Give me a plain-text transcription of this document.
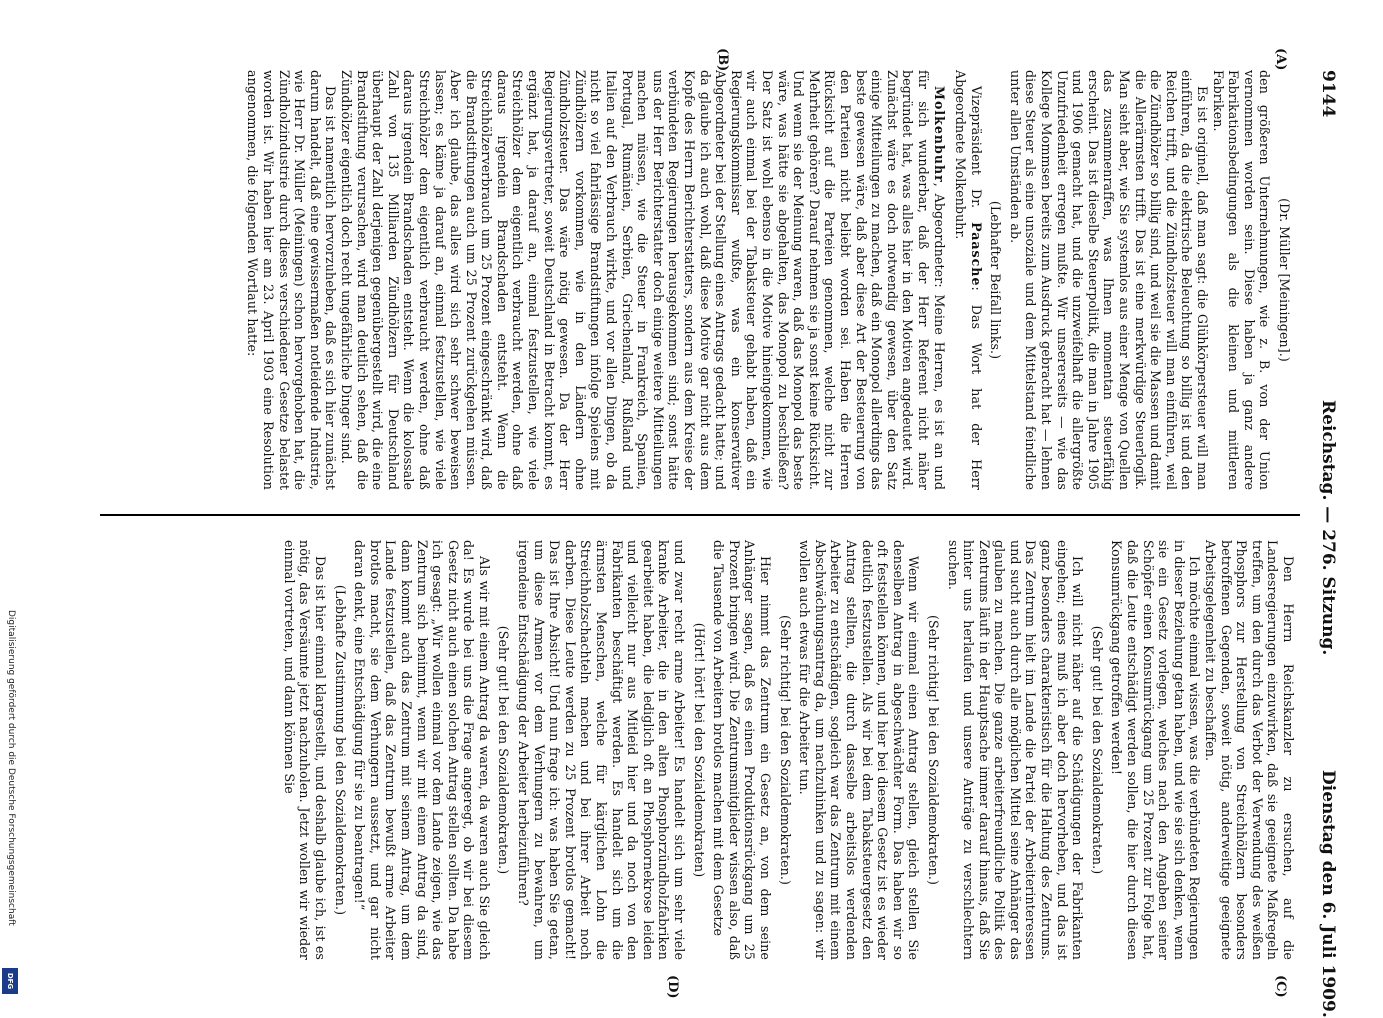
Digitalisierung gefördert durch die Deutsche Forschungsgemeinschaft
DFG
9144
Reichstag. — 276. Sitzung.
Dienstag den 6. Juli 1909.
(A)
(B)
(C)
(D)

(Dr. Müller [Meiningen].)

den größeren Unternehmungen, wie z. B. von der Union vernommen worden sein. Diese haben ja ganz andere Fabrikationsbedingungen als die kleinen und mittleren Fabriken.

Es ist originell, daß man sagt: die Glühkörpersteuer will man einführen, da die elektrische Beleuchtung so billig ist und den Reichen trifft, und die Zündholzsteuer will man einführen, weil die Zündhölzer so billig sind, und weil sie die Massen und damit die Allerärmsten trifft. Das ist eine merkwürdige Steuerlogik. Man sieht aber, wie Sie systemlos aus einer Menge von Quellen das zusammenraffen, was Ihnen momentan steuerfähig erscheint. Das ist dieselbe Steuerpolitik, die man in Jahre 1905 und 1906 gemacht hat, und die unzweifelhaft die allergrößte Unzufriedenheit erregen mußte. Wir unsererseits — wie das Kollege Mommsen bereits zum Ausdruck gebracht hat — lehnen diese Steuer als eine unsoziale und dem Mittelstand feindliche unter allen Umständen ab.

(Lebhafter Beifall links.)

Vizepräsident Dr. Paasche: Das Wort hat der Herr Abgeordnete Molkenbuhr.

Molkenbuhr, Abgeordneter: Meine Herren, es ist an und für sich wunderbar, daß der Herr Referent nicht näher begründet hat, was alles hier in den Motiven angedeutet wird. Zunächst wäre es doch notwendig gewesen, über den Satz einige Mitteilungen zu machen, daß ein Monopol allerdings das beste gewesen wäre, daß aber diese Art der Besteuerung von den Parteien nicht beliebt worden sei. Haben die Herren Rücksicht auf die Parteien genommen, welche nicht zur Mehrheit gehören? Darauf nehmen sie ja sonst keine Rücksicht. Und wenn sie der Meinung waren, daß das Monopol das beste wäre, was hätte sie abgehalten, das Monopol zu beschließen? Der Satz ist wohl ebenso in die Motive hineingekommen, wie wir auch einmal bei der Tabaksteuer gehabt haben, daß ein Regierungskommissar wußte, was ein konservativer Abgeordneter bei der Stellung eines Antrags gedacht hatte; und da glaube ich auch wohl, daß diese Motive gar nicht aus dem Kopfe des Herrn Berichterstatters, sondern aus dem Kreise der verbündeten Regierungen herausgekommen sind; sonst hätte uns der Herr Berichterstatter doch einige weitere Mitteilungen machen müssen, wie die Steuer in Frankreich, Spanien, Portugal, Rumänien, Serbien, Griechenland, Rußland und Italien auf den Verbrauch wirkte, und vor allen Dingen, ob da nicht so viel fahrlässige Brandstiftungen infolge Spielens mit Zündhölzern vorkommen, wie in den Ländern ohne Zündholzsteuer. Das wäre nötig gewesen. Da der Herr Regierungsvertreter, soweit Deutschland in Betracht kommt, es ergänzt hat, ja darauf an, einmal festzustellen, wie viele Streichhölzer dem eigentlich verbraucht werden, ohne daß daraus irgendein Brandschaden entsteht. Wenn die Streichhölzerverbrauch um 25 Prozent eingeschränkt wird, daß die Brandstiftungen auch um 25 Prozent zurückgehen müssen. Aber ich glaube, das alles wird sich sehr schwer beweisen lassen; es käme ja darauf an, einmal festzustellen, wie viele Streichhölzer dem eigentlich verbraucht werden, ohne daß daraus irgendein Brandschaden entsteht. Wenn die kolossale Zahl von 135 Milliarden Zündhölzern für Deutschland überhaupt der Zahl derjenigen gegenübergestellt wird, die eine Brandstiftung verursachen, wird man deutlich sehen, daß die Zündhölzer eigentlich doch recht ungefährliche Dinger sind.

Das ist namentlich hervorzuheben, daß es sich hier zunächst darum handelt, daß eine gewissermaßen notleidende Industrie, wie Herr Dr. Müller (Meiningen) schon hervorgehoben hat, die Zündholzindustrie durch dieses verschiedener Gesetze belastet worden ist. Wir haben hier am 23. April 1903 eine Resolution angenommen, die folgenden Wortlaut hatte:

Den Herrn Reichskanzler zu ersuchen, auf die Landesregierungen einzuwirken, daß sie geeignete Maßregeln treffen, um den durch das Verbot der Verwendung des weißen Phosphors zur Herstellung von Streichhölzern besonders betroffenen Gegenden, soweit nötig, anderweitige geeignete Arbeitsgelegenheit zu beschaffen.

Ich möchte einmal wissen, was die verbündeten Regierungen in dieser Beziehung getan haben, und wie sie sich denken, wenn sie ein Gesetz vorlegen, welches nach den Angaben seiner Schöpfer einen Konsumrückgang um 25 Prozent zur Folge hat, daß die Leute entschädigt werden sollen, die hier durch diesen Konsumrückgang getroffen werden!

(Sehr gut! bei den Sozialdemokraten.)

Ich will nicht näher auf die Schädigungen der Fabrikanten eingehen; eines muß ich aber doch hervorheben, und das ist ganz besonders charakteristisch für die Haltung des Zentrums. Das Zentrum hielt im Lande die Partei der Arbeiterinteressen und sucht auch durch alle möglichen Mittel seine Anhänger das glauben zu machen. Die ganze arbeiterfreundliche Politik des Zentrums läuft in der Hauptsache immer darauf hinaus, daß Sie hinter uns herlaufen und unsere Anträge zu verschlechtern suchen.

(Sehr richtig! bei den Sozialdemokraten.)

Wenn wir einmal einen Antrag stellen, gleich stellen Sie denselben Antrag in abgeschwächter Form. Das haben wir so oft feststellen können, und hier bei diesem Gesetz ist es wieder deutlich festzustellen. Als wir bei dem Tabaksteuergesetz den Antrag stellten, die durch dasselbe arbeitslos werdenden Arbeiter zu entschädigen, sogleich war das Zentrum mit einem Abschwächungsantrag da, um nachzuhinken und zu sagen: wir wollen auch etwas für die Arbeiter tun.

(Sehr richtig! bei den Sozialdemokraten.)

Hier nimmt das Zentrum ein Gesetz an, von dem seine Anhänger sagen, daß es einen Produktionsrückgang um 25 Prozent bringen wird. Die Zentrumsmitglieder wissen also, daß die Tausende von Arbeitern brotlos machen mit dem Gesetze

(Hört! hört! bei den Sozialdemokraten)

und zwar recht arme Arbeiter! Es handelt sich um sehr viele kranke Arbeiter, die in den alten Phosphorzündholzfabriken gearbeitet haben, die lediglich oft an Phosphornekrose leiden und vielleicht nur aus Mitleid hier und da noch von den Fabrikanten beschäftigt werden. Es handelt sich um die ärmsten Menschen, welche für kärglichen Lohn die Streichholzschachteln machen und bei ihrer Arbeit noch darben. Diese Leute werden zu 25 Prozent brotlos gemacht! Das ist Ihre Absicht! Und nun frage ich: was haben Sie getan, um diese Armen vor dem Verhungern zu bewahren, um irgendeine Entschädigung der Arbeiter herbeizuführen?

(Sehr gut! bei den Sozialdemokraten.)

Als wir mit einem Antrag da waren, da waren auch Sie gleich da! Es wurde bei uns die Frage angeregt, ob wir bei diesem Gesetz nicht auch einen solchen Antrag stellen sollten. Da habe ich gesagt: „Wir wollen einmal vor dem Lande zeigen, wie das Zentrum sich benimmt, wenn wir mit einem Antrag da sind, dann kommt auch das Zentrum mit seinem Antrag, um dem Lande festzustellen, daß das Zentrum bewußt arme Arbeiter brotlos macht, sie dem Verhungern aussetzt, und gar nicht daran denkt, eine Entschädigung für sie zu beantragen!“

(Lebhafte Zustimmung bei den Sozialdemokraten.)

Das ist hier einmal klargestellt, und deshalb glaube ich, ist es nötig, das Versäumte jetzt nachzuholen. Jetzt wollen wir wieder einmal vortreten, und dann können Sie
